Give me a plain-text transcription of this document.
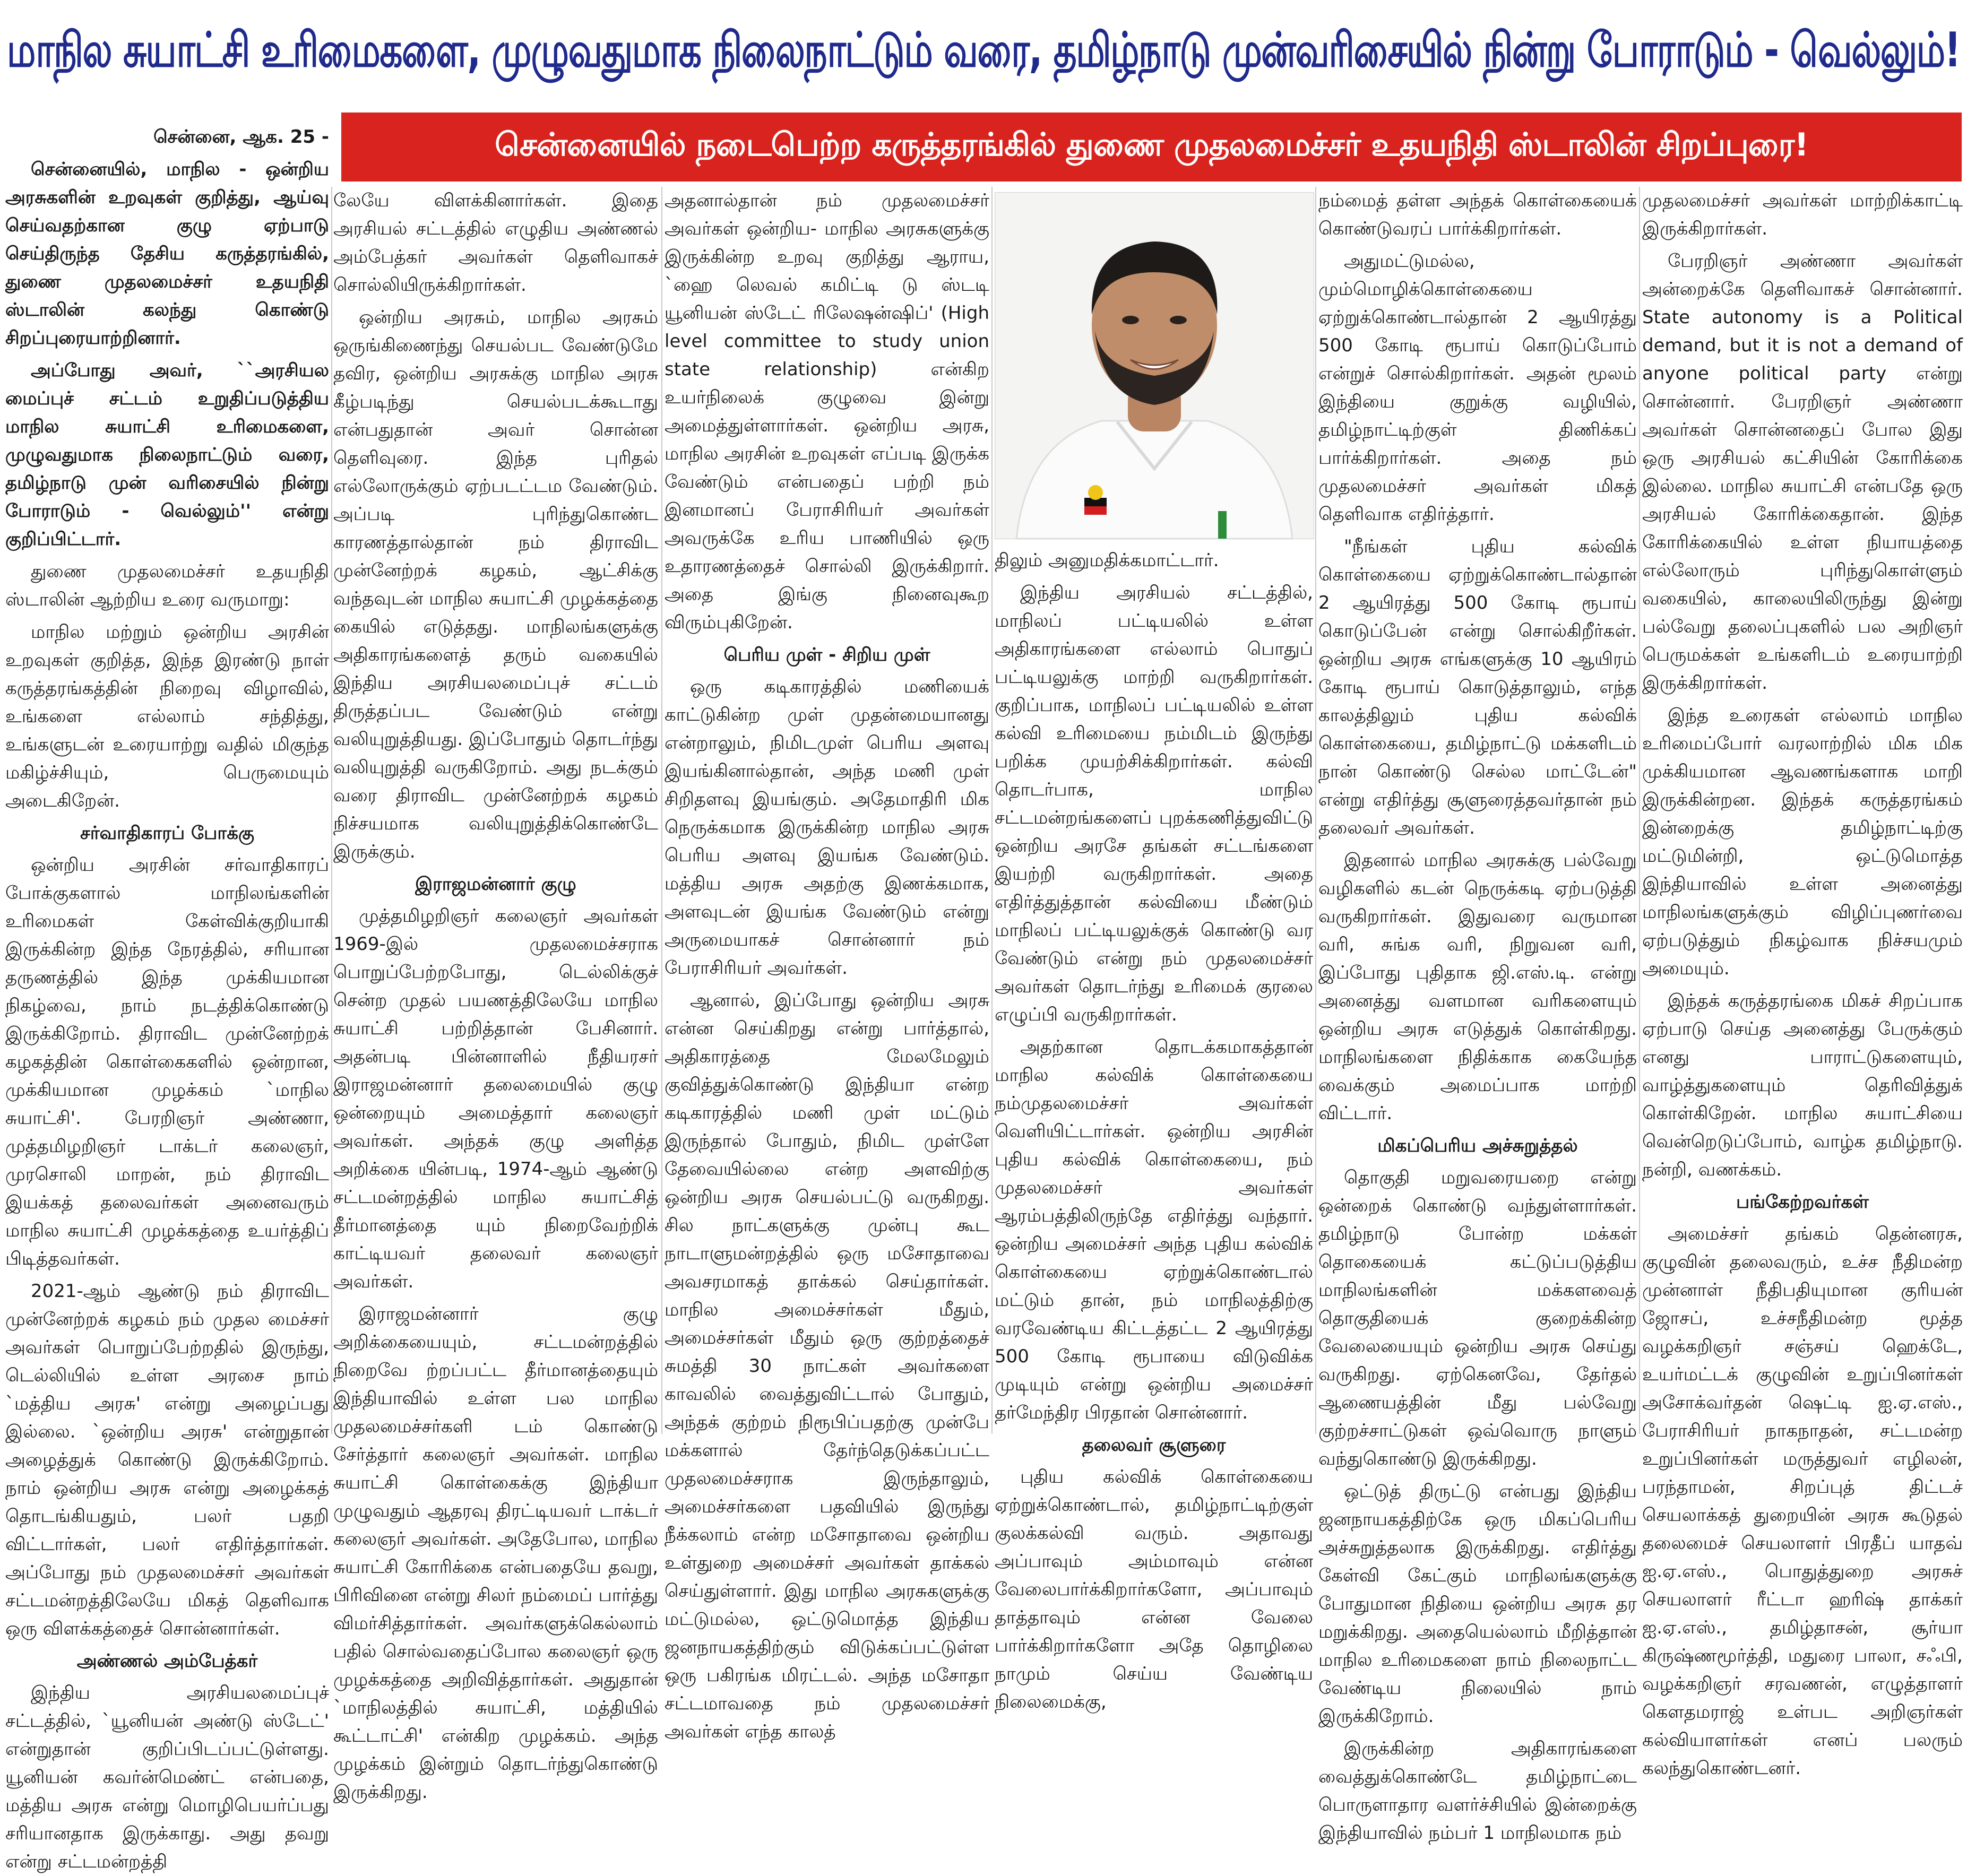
மாநில சுயாட்சி உரிமைகளை, முழுவதுமாக நிலைநாட்டும் வரை, தமிழ்நாடு முன்வரிசையில் நின்று போராடும் - வெல்லும்!
சென்னையில் நடைபெற்ற கருத்தரங்கில் துணை முதலமைச்சர் உதயநிதி ஸ்டாலின் சிறப்புரை!

சென்னை, ஆக. 25 -

சென்னையில், மாநில - ஒன்றிய அரசுகளின் உறவுகள் குறித்து, ஆய்வு செய்வதற்கான குழு ஏற்பாடு செய்திருந்த தேசிய கருத்தரங்கில், துணை முதலமைச்சர் உதயநிதி ஸ்டாலின் கலந்து கொண்டு சிறப்புரையாற்றினார்.

அப்போது அவர், ``அரசியல மைப்புச் சட்டம் உறுதிப்படுத்திய மாநில சுயாட்சி உரிமைகளை, முழுவதுமாக நிலைநாட்டும் வரை, தமிழ்நாடு முன் வரிசையில் நின்று போராடும் - வெல்லும்'' என்று குறிப்பிட்டார்.

துணை முதலமைச்சர் உதயநிதி ஸ்டாலின் ஆற்றிய உரை வருமாறு:

மாநில மற்றும் ஒன்றிய அரசின் உறவுகள் குறித்த, இந்த இரண்டு நாள் கருத்தரங்கத்தின் நிறைவு விழாவில், உங்களை எல்லாம் சந்தித்து, உங்களுடன் உரையாற்று வதில் மிகுந்த மகிழ்ச்சியும், பெருமையும் அடைகிறேன்.

சர்வாதிகாரப் போக்கு

ஒன்றிய அரசின் சர்வாதிகாரப் போக்குகளால் மாநிலங்களின் உரிமைகள் கேள்விக்குறியாகி இருக்கின்ற இந்த நேரத்தில், சரியான தருணத்தில் இந்த முக்கியமான நிகழ்வை, நாம் நடத்திக்கொண்டு இருக்கிறோம். திராவிட முன்னேற்றக் கழகத்தின் கொள்கைகளில் ஒன்றான, முக்கியமான முழக்கம் `மாநில சுயாட்சி'. பேரறிஞர் அண்ணா, முத்தமிழறிஞர் டாக்டர் கலைஞர், முரசொலி மாறன், நம் திராவிட இயக்கத் தலைவர்கள் அனைவரும் மாநில சுயாட்சி முழக்கத்தை உயர்த்திப் பிடித்தவர்கள்.

2021-ஆம் ஆண்டு நம் திராவிட முன்னேற்றக் கழகம் நம் முதல மைச்சர் அவர்கள் பொறுப்பேற்றதில் இருந்து, டெல்லியில் உள்ள அரசை நாம் `மத்திய அரசு' என்று அழைப்பது இல்லை. `ஒன்றிய அரசு' என்றுதான் அழைத்துக் கொண்டு இருக்கிறோம். நாம் ஒன்றிய அரசு என்று அழைக்கத் தொடங்கியதும், பலர் பதறி விட்டார்கள், பலர் எதிர்த்தார்கள். அப்போது நம் முதலமைச்சர் அவர்கள் சட்டமன்றத்திலேயே மிகத் தெளிவாக ஒரு விளக்கத்தைச் சொன்னார்கள்.

அண்ணல் அம்பேத்கர்

இந்திய அரசியலமைப்புச் சட்டத்தில், `யூனியன் அண்டு ஸ்டேட்' என்றுதான் குறிப்பிடப்பட்டுள்ளது. யூனியன் கவர்ன்மெண்ட் என்பதை, மத்திய அரசு என்று மொழிபெயர்ப்பது சரியானதாக இருக்காது. அது தவறு என்று சட்டமன்றத்தி

லேயே விளக்கினார்கள். இதை அரசியல் சட்டத்தில் எழுதிய அண்ணல் அம்பேத்கர் அவர்கள் தெளிவாகச் சொல்லியிருக்கிறார்கள்.

ஒன்றிய அரசும், மாநில அரசும் ஒருங்கிணைந்து செயல்பட வேண்டுமே தவிர, ஒன்றிய அரசுக்கு மாநில அரசு கீழ்படிந்து செயல்படக்கூடாது என்பதுதான் அவர் சொன்ன தெளிவுரை. இந்த புரிதல் எல்லோருக்கும் ஏற்படட்டம வேண்டும். அப்படி புரிந்துகொண்ட காரணத்தால்தான் நம் திராவிட முன்னேற்றக் கழகம், ஆட்சிக்கு வந்தவுடன் மாநில சுயாட்சி முழக்கத்தை கையில் எடுத்தது. மாநிலங்களுக்கு அதிகாரங்களைத் தரும் வகையில் இந்திய அரசியலமைப்புச் சட்டம் திருத்தப்பட வேண்டும் என்று வலியுறுத்தியது. இப்போதும் தொடர்ந்து வலியுறுத்தி வருகிறோம். அது நடக்கும் வரை திராவிட முன்னேற்றக் கழகம் நிச்சயமாக வலியுறுத்திக்கொண்டே இருக்கும்.

இராஜமன்னார் குழு

முத்தமிழறிஞர் கலைஞர் அவர்கள் 1969-இல் முதலமைச்சராக பொறுப்பேற்றபோது, டெல்லிக்குச் சென்ற முதல் பயணத்திலேயே மாநில சுயாட்சி பற்றித்தான் பேசினார். அதன்படி பின்னாளில் நீதியரசர் இராஜமன்னார் தலைமையில் குழு ஒன்றையும் அமைத்தார் கலைஞர் அவர்கள். அந்தக் குழு அளித்த அறிக்கை யின்படி, 1974-ஆம் ஆண்டு சட்டமன்றத்தில் மாநில சுயாட்சித் தீர்மானத்தை யும் நிறைவேற்றிக் காட்டியவர் தலைவர் கலைஞர் அவர்கள்.

இராஜமன்னார் குழு அறிக்கையையும், சட்டமன்றத்தில் நிறைவே ற்றப்பட்ட தீர்மானத்தையும் இந்தியாவில் உள்ள பல மாநில முதலமைச்சர்களி டம் கொண்டு சேர்த்தார் கலைஞர் அவர்கள். மாநில சுயாட்சி கொள்கைக்கு இந்தியா முழுவதும் ஆதரவு திரட்டியவர் டாக்டர் கலைஞர் அவர்கள். அதேபோல, மாநில சுயாட்சி கோரிக்கை என்பதையே தவறு, பிரிவினை என்று சிலர் நம்மைப் பார்த்து விமர்சித்தார்கள். அவர்களுக்கெல்லாம் பதில் சொல்வதைப்போல கலைஞர் ஒரு முழக்கத்தை அறிவித்தார்கள். அதுதான் `மாநிலத்தில் சுயாட்சி, மத்தியில் கூட்டாட்சி' என்கிற முழக்கம். அந்த முழக்கம் இன்றும் தொடர்ந்துகொண்டு இருக்கிறது.

அதனால்தான் நம் முதலமைச்சர் அவர்கள் ஒன்றிய- மாநில அரசுகளுக்கு இருக்கின்ற உறவு குறித்து ஆராய, `ஹை லெவல் கமிட்டி டு ஸ்டடி யூனியன் ஸ்டேட் ரிலேஷன்ஷிப்' (High level committee to study union state relationship) என்கிற உயர்நிலைக் குழுவை இன்று அமைத்துள்ளார்கள். ஒன்றிய அரசு, மாநில அரசின் உறவுகள் எப்படி இருக்க வேண்டும் என்பதைப் பற்றி நம் இனமானப் பேராசிரியர் அவர்கள் அவருக்கே உரிய பாணியில் ஒரு உதாரணத்தைச் சொல்லி இருக்கிறார். அதை இங்கு நினைவுகூற விரும்புகிறேன்.

பெரிய முள் - சிறிய முள்

ஒரு கடிகாரத்தில் மணியைக் காட்டுகின்ற முள் முதன்மையானது என்றாலும், நிமிடமுள் பெரிய அளவு இயங்கினால்தான், அந்த மணி முள் சிறிதளவு இயங்கும். அதேமாதிரி மிக நெருக்கமாக இருக்கின்ற மாநில அரசு பெரிய அளவு இயங்க வேண்டும். மத்திய அரசு அதற்கு இணக்கமாக, அளவுடன் இயங்க வேண்டும் என்று அருமையாகச் சொன்னார் நம் பேராசிரியர் அவர்கள்.

ஆனால், இப்போது ஒன்றிய அரசு என்ன செய்கிறது என்று பார்த்தால், அதிகாரத்தை மேலமேலும் குவித்துக்கொண்டு இந்தியா என்ற கடிகாரத்தில் மணி முள் மட்டும் இருந்தால் போதும், நிமிட முள்ளே தேவையில்லை என்ற அளவிற்கு ஒன்றிய அரசு செயல்பட்டு வருகிறது. சில நாட்களுக்கு முன்பு கூட நாடாளுமன்றத்தில் ஒரு மசோதாவை அவசரமாகத் தாக்கல் செய்தார்கள். மாநில அமைச்சர்கள் மீதும், அமைச்சர்கள் மீதும் ஒரு குற்றத்தைச் சுமத்தி 30 நாட்கள் அவர்களை காவலில் வைத்துவிட்டால் போதும், அந்தக் குற்றம் நிரூபிப்பதற்கு முன்பே மக்களால் தேர்ந்தெடுக்கப்பட்ட முதலமைச்சராக இருந்தாலும், அமைச்சர்களை பதவியில் இருந்து நீக்கலாம் என்ற மசோதாவை ஒன்றிய உள்துறை அமைச்சர் அவர்கள் தாக்கல் செய்துள்ளார். இது மாநில அரசுகளுக்கு மட்டுமல்ல, ஒட்டுமொத்த இந்திய ஜனநாயகத்திற்கும் விடுக்கப்பட்டுள்ள ஒரு பகிரங்க மிரட்டல். அந்த மசோதா சட்டமாவதை நம் முதலமைச்சர் அவர்கள் எந்த காலத்

திலும் அனுமதிக்கமாட்டார்.

இந்திய அரசியல் சட்டத்தில், மாநிலப் பட்டியலில் உள்ள அதிகாரங்களை எல்லாம் பொதுப் பட்டியலுக்கு மாற்றி வருகிறார்கள். குறிப்பாக, மாநிலப் பட்டியலில் உள்ள கல்வி உரிமையை நம்மிடம் இருந்து பறிக்க முயற்சிக்கிறார்கள். கல்வி தொடர்பாக, மாநில சட்டமன்றங்களைப் புறக்கணித்துவிட்டு ஒன்றிய அரசே தங்கள் சட்டங்களை இயற்றி வருகிறார்கள். அதை எதிர்த்துத்தான் கல்வியை மீண்டும் மாநிலப் பட்டியலுக்குக் கொண்டு வர வேண்டும் என்று நம் முதலமைச்சர் அவர்கள் தொடர்ந்து உரிமைக் குரலை எழுப்பி வருகிறார்கள்.

அதற்கான தொடக்கமாகத்தான் மாநில கல்விக் கொள்கையை நம்முதலமைச்சர் அவர்கள் வெளியிட்டார்கள். ஒன்றிய அரசின் புதிய கல்விக் கொள்கையை, நம் முதலமைச்சர் அவர்கள் ஆரம்பத்திலிருந்தே எதிர்த்து வந்தார். ஒன்றிய அமைச்சர் அந்த புதிய கல்விக் கொள்கையை ஏற்றுக்கொண்டால் மட்டும் தான், நம் மாநிலத்திற்கு வரவேண்டிய கிட்டத்தட்ட 2 ஆயிரத்து 500 கோடி ரூபாயை விடுவிக்க முடியும் என்று ஒன்றிய அமைச்சர் தர்மேந்திர பிரதான் சொன்னார்.

தலைவர் சூளுரை

புதிய கல்விக் கொள்கையை ஏற்றுக்கொண்டால், தமிழ்நாட்டிற்குள் குலக்கல்வி வரும். அதாவது அப்பாவும் அம்மாவும் என்ன வேலைபார்க்கிறார்களோ, அப்பாவும் தாத்தாவும் என்ன வேலை பார்க்கிறார்களோ அதே தொழிலை நாமும் செய்ய வேண்டிய நிலைமைக்கு,

நம்மைத் தள்ள அந்தக் கொள்கையைக் கொண்டுவரப் பார்க்கிறார்கள்.

அதுமட்டுமல்ல, மும்மொழிக்கொள்கையை ஏற்றுக்கொண்டால்தான் 2 ஆயிரத்து 500 கோடி ரூபாய் கொடுப்போம் என்றுச் சொல்கிறார்கள். அதன் மூலம் இந்தியை குறுக்கு வழியில், தமிழ்நாட்டிற்குள் திணிக்கப் பார்க்கிறார்கள். அதை நம் முதலமைச்சர் அவர்கள் மிகத் தெளிவாக எதிர்த்தார்.

"நீங்கள் புதிய கல்விக் கொள்கையை ஏற்றுக்கொண்டால்தான் 2 ஆயிரத்து 500 கோடி ரூபாய் கொடுப்பேன் என்று சொல்கிறீர்கள். ஒன்றிய அரசு எங்களுக்கு 10 ஆயிரம் கோடி ரூபாய் கொடுத்தாலும், எந்த காலத்திலும் புதிய கல்விக் கொள்கையை, தமிழ்நாட்டு மக்களிடம் நான் கொண்டு செல்ல மாட்டேன்" என்று எதிர்த்து சூளுரைத்தவர்தான் நம் தலைவர் அவர்கள்.

இதனால் மாநில அரசுக்கு பல்வேறு வழிகளில் கடன் நெருக்கடி ஏற்படுத்தி வருகிறார்கள். இதுவரை வருமான வரி, சுங்க வரி, நிறுவன வரி, இப்போது புதிதாக ஜி.எஸ்.டி. என்று அனைத்து வளமான வரிகளையும் ஒன்றிய அரசு எடுத்துக் கொள்கிறது. மாநிலங்களை நிதிக்காக கையேந்த வைக்கும் அமைப்பாக மாற்றி விட்டார்.

மிகப்பெரிய அச்சுறுத்தல்

தொகுதி மறுவரையறை என்று ஒன்றைக் கொண்டு வந்துள்ளார்கள். தமிழ்நாடு போன்ற மக்கள் தொகையைக் கட்டுப்படுத்திய மாநிலங்களின் மக்களவைத் தொகுதியைக் குறைக்கின்ற வேலையையும் ஒன்றிய அரசு செய்து வருகிறது. ஏற்கெனவே, தேர்தல் ஆணையத்தின் மீது பல்வேறு குற்றச்சாட்டுகள் ஒவ்வொரு நாளும் வந்துகொண்டு இருக்கிறது.

ஒட்டுத் திருட்டு என்பது இந்திய ஜனநாயகத்திற்கே ஒரு மிகப்பெரிய அச்சுறுத்தலாக இருக்கிறது. எதிர்த்து கேள்வி கேட்கும் மாநிலங்களுக்கு போதுமான நிதியை ஒன்றிய அரசு தர மறுக்கிறது. அதையெல்லாம் மீறித்தான் மாநில உரிமைகளை நாம் நிலைநாட்ட வேண்டிய நிலையில் நாம் இருக்கிறோம்.

இருக்கின்ற அதிகாரங்களை வைத்துக்கொண்டே தமிழ்நாட்டை பொருளாதார வளர்ச்சியில் இன்றைக்கு இந்தியாவில் நம்பர் 1 மாநிலமாக நம்

முதலமைச்சர் அவர்கள் மாற்றிக்காட்டி இருக்கிறார்கள்.

பேரறிஞர் அண்ணா அவர்கள் அன்றைக்கே தெளிவாகச் சொன்னார். State autonomy is a Political demand, but it is not a demand of anyone political party என்று சொன்னார். பேரறிஞர் அண்ணா அவர்கள் சொன்னதைப் போல இது ஒரு அரசியல் கட்சியின் கோரிக்கை இல்லை. மாநில சுயாட்சி என்பதே ஒரு அரசியல் கோரிக்கைதான். இந்த கோரிக்கையில் உள்ள நியாயத்தை எல்லோரும் புரிந்துகொள்ளும் வகையில், காலையிலிருந்து இன்று பல்வேறு தலைப்புகளில் பல அறிஞர் பெருமக்கள் உங்களிடம் உரையாற்றி இருக்கிறார்கள்.

இந்த உரைகள் எல்லாம் மாநில உரிமைப்போர் வரலாற்றில் மிக மிக முக்கியமான ஆவணங்களாக மாறி இருக்கின்றன. இந்தக் கருத்தரங்கம் இன்றைக்கு தமிழ்நாட்டிற்கு மட்டுமின்றி, ஒட்டுமொத்த இந்தியாவில் உள்ள அனைத்து மாநிலங்களுக்கும் விழிப்புணர்வை ஏற்படுத்தும் நிகழ்வாக நிச்சயமும் அமையும்.

இந்தக் கருத்தரங்கை மிகச் சிறப்பாக ஏற்பாடு செய்த அனைத்து பேருக்கும் எனது பாராட்டுகளையும், வாழ்த்துகளையும் தெரிவித்துக் கொள்கிறேன். மாநில சுயாட்சியை வென்றெடுப்போம், வாழ்க தமிழ்நாடு. நன்றி, வணக்கம்.

பங்கேற்றவர்கள்

அமைச்சர் தங்கம் தென்னரசு, குழுவின் தலைவரும், உச்ச நீதிமன்ற முன்னாள் நீதிபதியுமான குரியன் ஜோசப், உச்சநீதிமன்ற மூத்த வழக்கறிஞர் சஞ்சய் ஹெக்டே, உயர்மட்டக் குழுவின் உறுப்பினர்கள் அசோக்வர்தன் ஷெட்டி ஐ.ஏ.எஸ்., பேராசிரியர் நாகநாதன், சட்டமன்ற உறுப்பினர்கள் மருத்துவர் எழிலன், பரந்தாமன், சிறப்புத் திட்டச் செயலாக்கத் துறையின் அரசு கூடுதல் தலைமைச் செயலாளர் பிரதீப் யாதவ் ஐ.ஏ.எஸ்., பொதுத்துறை அரசுச் செயலாளர் ரீட்டா ஹரிஷ் தாக்கர் ஐ.ஏ.எஸ்., தமிழ்தாசன், சூர்யா கிருஷ்ணமூர்த்தி, மதுரை பாலா, சஃபி, வழக்கறிஞர் சரவணன், எழுத்தாளர் கௌதமராஜ் உள்பட அறிஞர்கள் கல்வியாளர்கள் எனப் பலரும் கலந்துகொண்டனர்.
